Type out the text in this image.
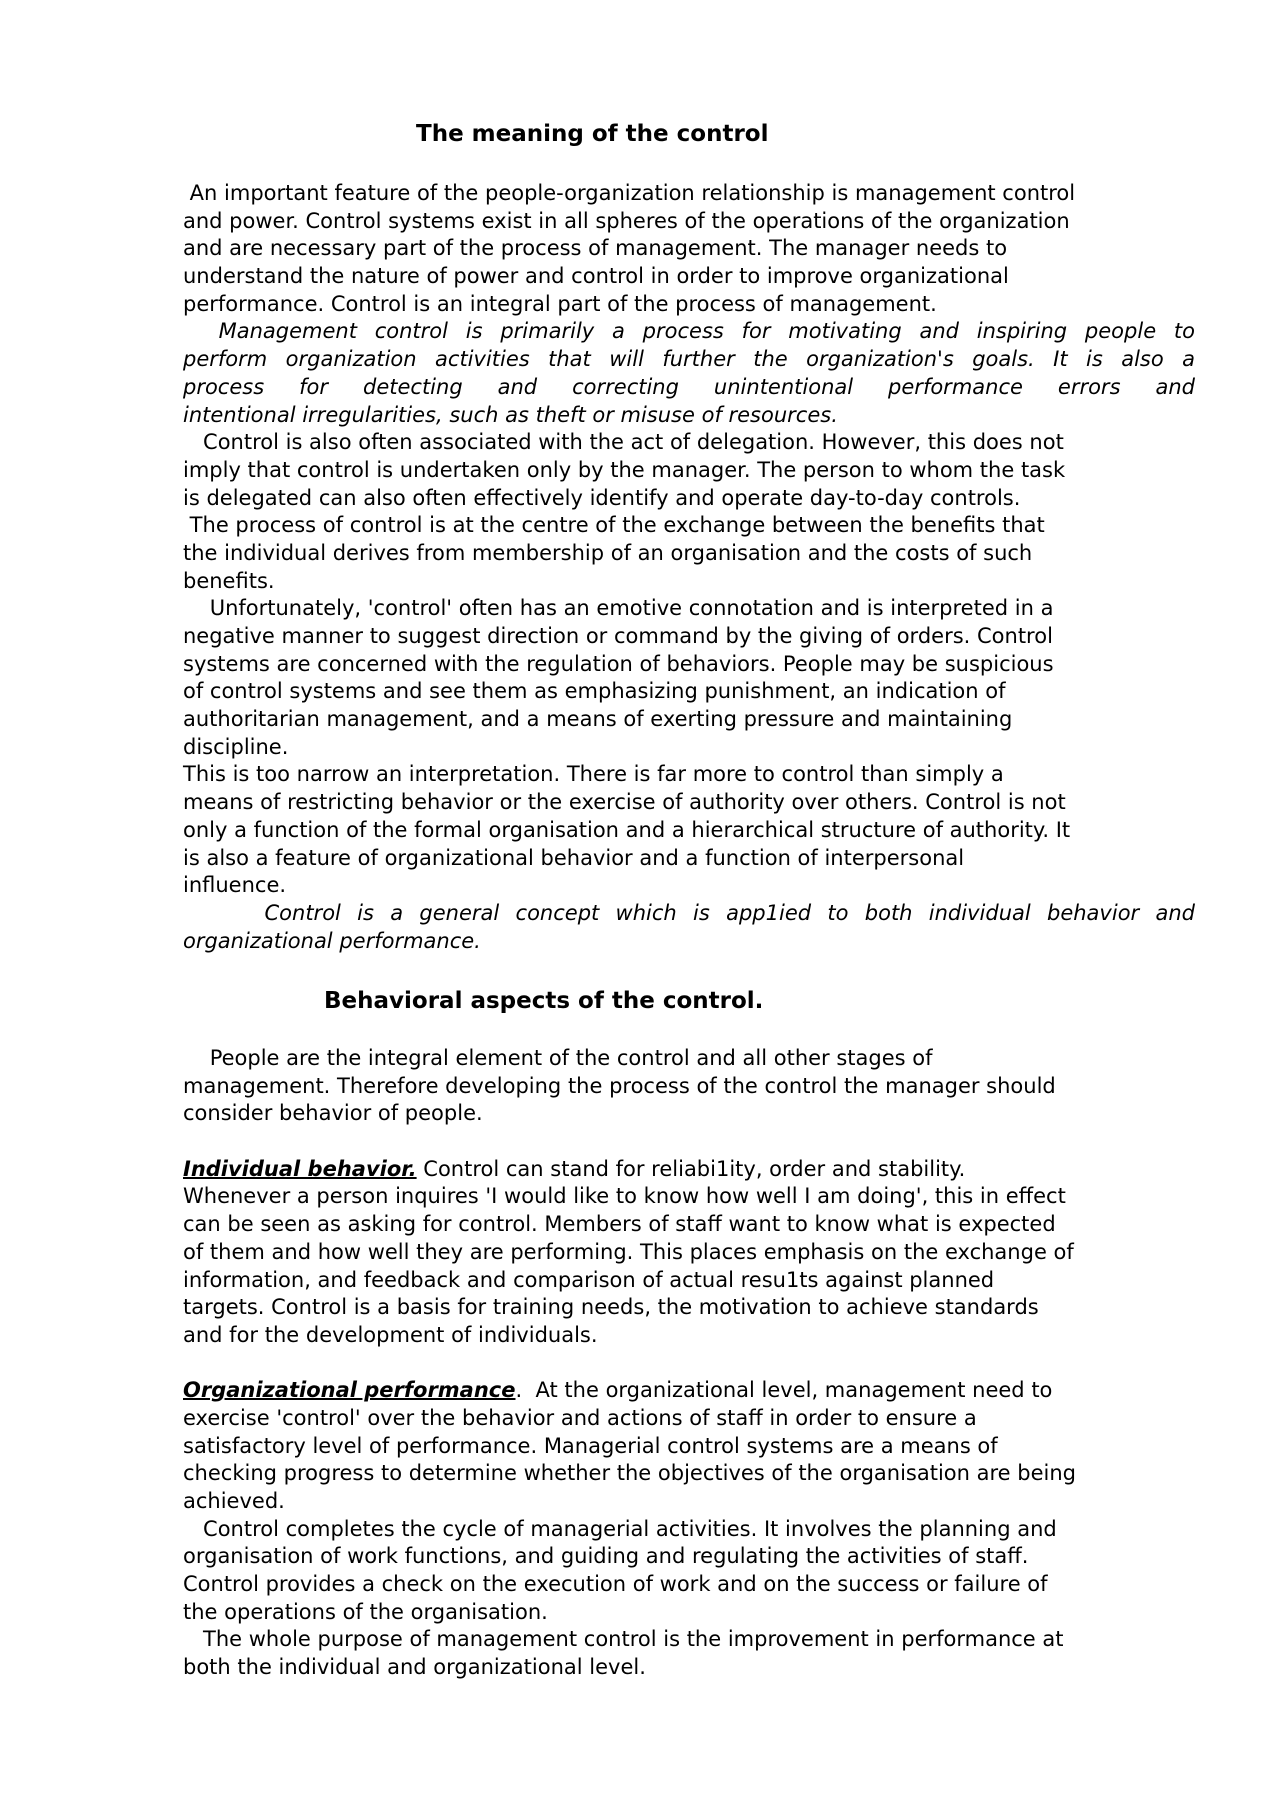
The meaning of the control
An important feature of the people-organization relationship is management control
and power. Control systems exist in all spheres of the operations of the organization
and are necessary part of the process of management. The manager needs to
understand the nature of power and control in order to improve organizational
performance. Control is an integral part of the process of management.
Management control is primarily a process for motivating and inspiring people to
perform organization activities that will further the organization's goals. It is also a
process for detecting and correcting unintentional performance errors and
intentional irregularities, such as theft or misuse of resources.
Control is also often associated with the act of delegation. However, this does not
imply that control is undertaken only by the manager. The person to whom the task
is delegated can also often effectively identify and operate day-to-day controls.
The process of control is at the centre of the exchange between the benefits that
the individual derives from membership of an organisation and the costs of such
benefits.
Unfortunately, 'control' often has an emotive connotation and is interpreted in a
negative manner to suggest direction or command by the giving of orders. Control
systems are concerned with the regulation of behaviors. People may be suspicious
of control systems and see them as emphasizing punishment, an indication of
authoritarian management, and a means of exerting pressure and maintaining
discipline.
This is too narrow an interpretation. There is far more to control than simply a
means of restricting behavior or the exercise of authority over others. Control is not
only a function of the formal organisation and a hierarchical structure of authority. It
is also a feature of organizational behavior and a function of interpersonal
influence.
Control is a general concept which is app1ied to both individual behavior and
organizational performance.
Behavioral aspects of the control.
People are the integral element of the control and all other stages of
management. Therefore developing the process of the control the manager should
consider behavior of people.
Individual behavior. Control can stand for reliabi1ity, order and stability.
Whenever a person inquires 'I would like to know how well I am doing', this in effect
can be seen as asking for control. Members of staff want to know what is expected
of them and how well they are performing. This places emphasis on the exchange of
information, and feedback and comparison of actual resu1ts against planned
targets. Control is a basis for training needs, the motivation to achieve standards
and for the development of individuals.
Organizational performance.  At the organizational level, management need to
exercise 'control' over the behavior and actions of staff in order to ensure a
satisfactory level of performance. Managerial control systems are a means of
checking progress to determine whether the objectives of the organisation are being
achieved.
Control completes the cycle of managerial activities. It involves the planning and
organisation of work functions, and guiding and regulating the activities of staff.
Control provides a check on the execution of work and on the success or failure of
the operations of the organisation.
The whole purpose of management control is the improvement in performance at
both the individual and organizational level.
